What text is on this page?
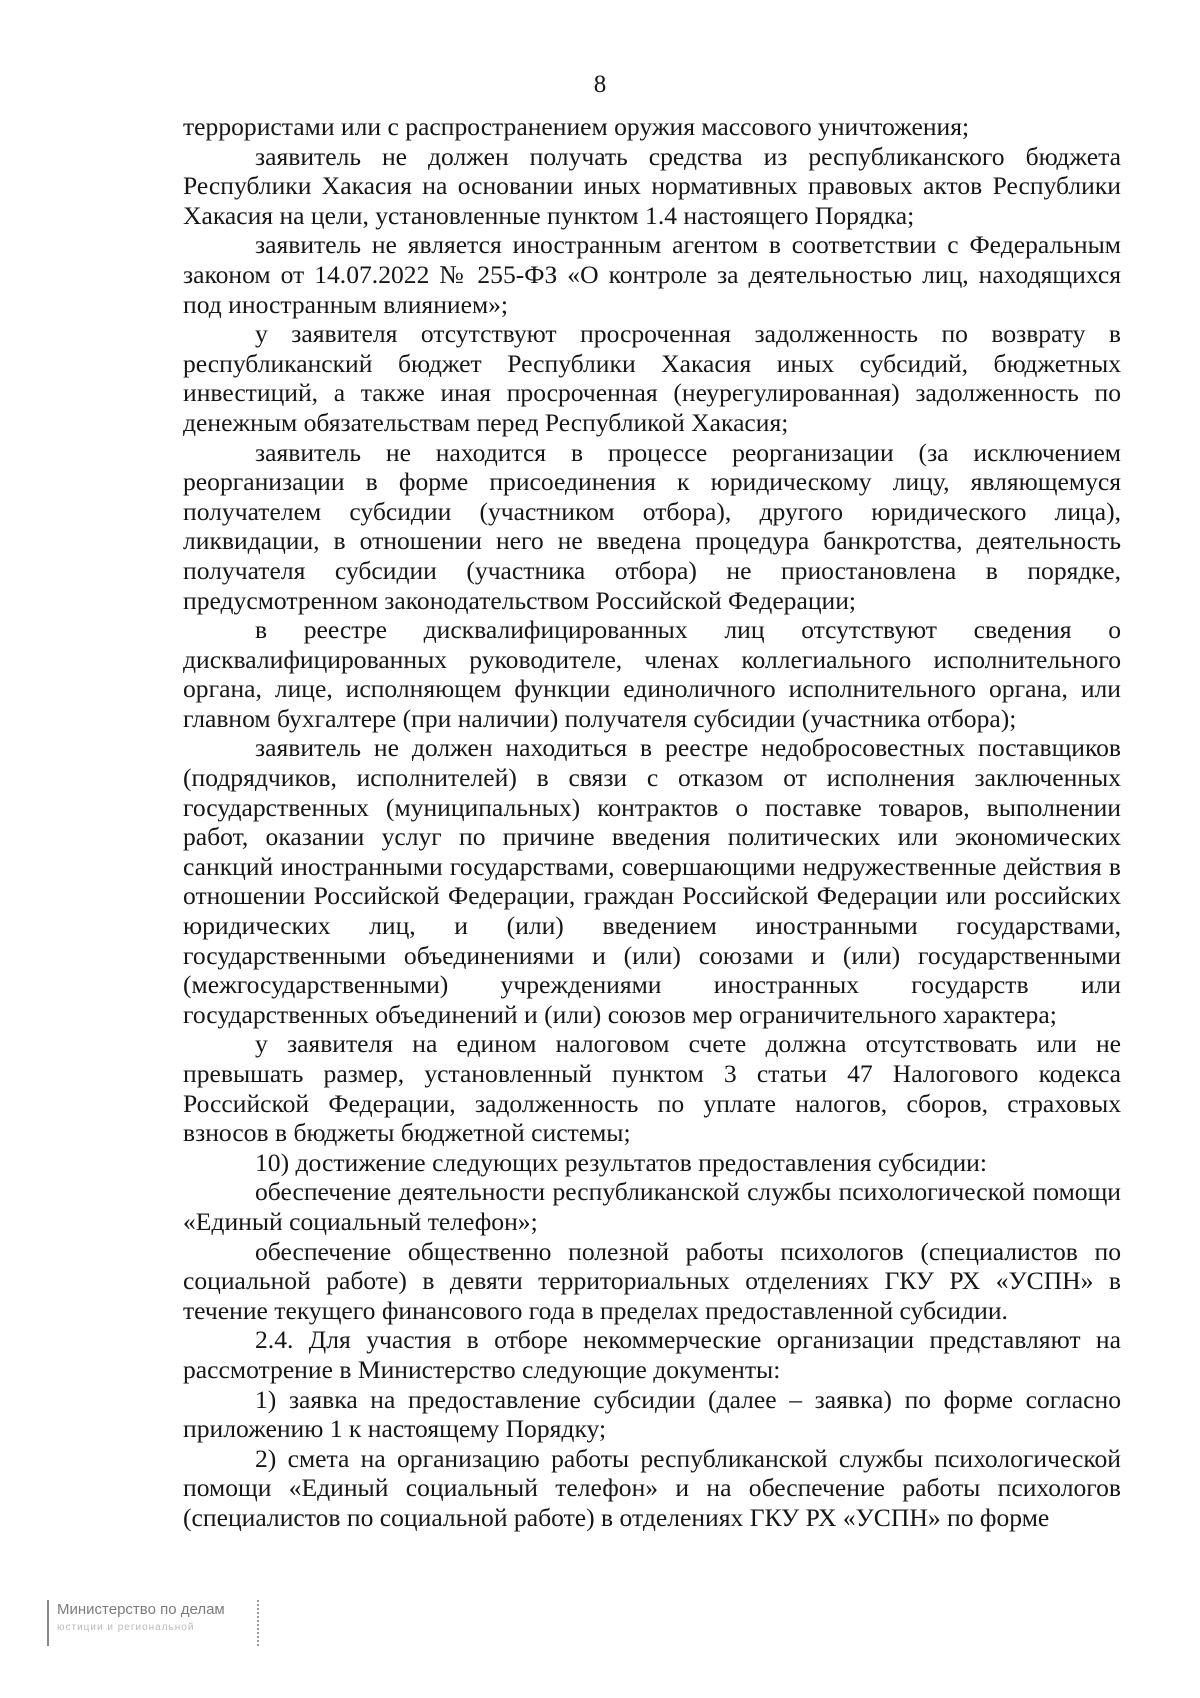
8

террористами или с распространением оружия массового уничтожения;

заявитель не должен получать средства из республиканского бюджета Республики Хакасия на основании иных нормативных правовых актов Республики Хакасия на цели, установленные пунктом 1.4 настоящего Порядка;

заявитель не является иностранным агентом в соответствии с Федеральным законом от 14.07.2022 № 255-ФЗ «О контроле за деятельностью лиц, находящихся под иностранным влиянием»;

у заявителя отсутствуют просроченная задолженность по возврату в республиканский бюджет Республики Хакасия иных субсидий, бюджетных инвестиций, а также иная просроченная (неурегулированная) задолженность по денежным обязательствам перед Республикой Хакасия;

заявитель не находится в процессе реорганизации (за исключением реорганизации в форме присоединения к юридическому лицу, являющемуся получателем субсидии (участником отбора), другого юридического лица), ликвидации, в отношении него не введена процедура банкротства, деятельность получателя субсидии (участника отбора) не приостановлена в порядке, предусмотренном законодательством Российской Федерации;

в реестре дисквалифицированных лиц отсутствуют сведения о дисквалифицированных руководителе, членах коллегиального исполнительного органа, лице, исполняющем функции единоличного исполнительного органа, или главном бухгалтере (при наличии) получателя субсидии (участника отбора);

заявитель не должен находиться в реестре недобросовестных поставщиков (подрядчиков, исполнителей) в связи с отказом от исполнения заключенных государственных (муниципальных) контрактов о поставке товаров, выполнении работ, оказании услуг по причине введения политических или экономических санкций иностранными государствами, совершающими недружественные действия в отношении Российской Федерации, граждан Российской Федерации или российских юридических лиц, и (или) введением иностранными государствами, государственными объединениями и (или) союзами и (или) государственными (межгосударственными) учреждениями иностранных государств или государственных объединений и (или) союзов мер ограничительного характера;

у заявителя на едином налоговом счете должна отсутствовать или не превышать размер, установленный пунктом 3 статьи 47 Налогового кодекса Российской Федерации, задолженность по уплате налогов, сборов, страховых взносов в бюджеты бюджетной системы;

10) достижение следующих результатов предоставления субсидии:

обеспечение деятельности республиканской службы психологической помощи «Единый социальный телефон»;

обеспечение общественно полезной работы психологов (специалистов по социальной работе) в девяти территориальных отделениях ГКУ РХ «УСПН» в течение текущего финансового года в пределах предоставленной субсидии.

2.4. Для участия в отборе некоммерческие организации представляют на рассмотрение в Министерство следующие документы:

1) заявка на предоставление субсидии (далее – заявка) по форме согласно приложению 1 к настоящему Порядку;

2) смета на организацию работы республиканской службы психологической помощи «Единый социальный телефон» и на обеспечение работы психологов (специалистов по социальной работе) в отделениях ГКУ РХ «УСПН» по форме

Министерство по делам
юстиции и региональной
